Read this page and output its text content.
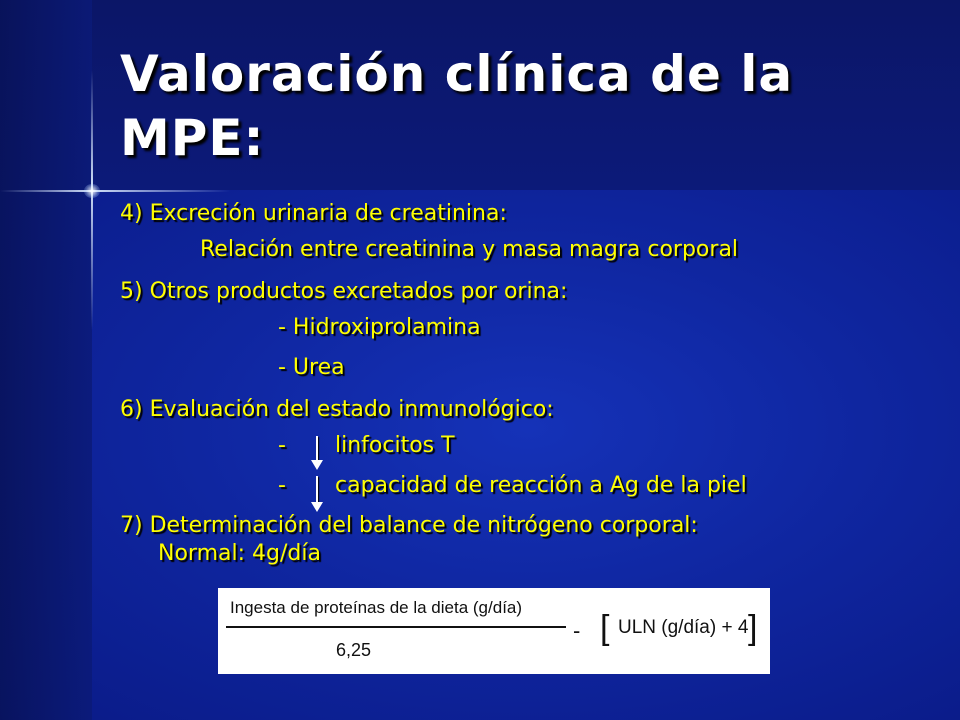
Valoración clínica de la
MPE:

4) Excreción urinaria de creatinina:

Relación entre creatinina y masa magra corporal

5) Otros productos excretados por orina:

- Hidroxiprolamina

- Urea

6) Evaluación del estado inmunológico:

- linfocitos T

- capacidad de reacción a Ag de la piel

7) Determinación del balance de nitrógeno corporal:

Normal: 4g/día

Ingesta de proteínas de la dieta (g/día)
6,25
- [ ULN (g/día) + 4 ]
